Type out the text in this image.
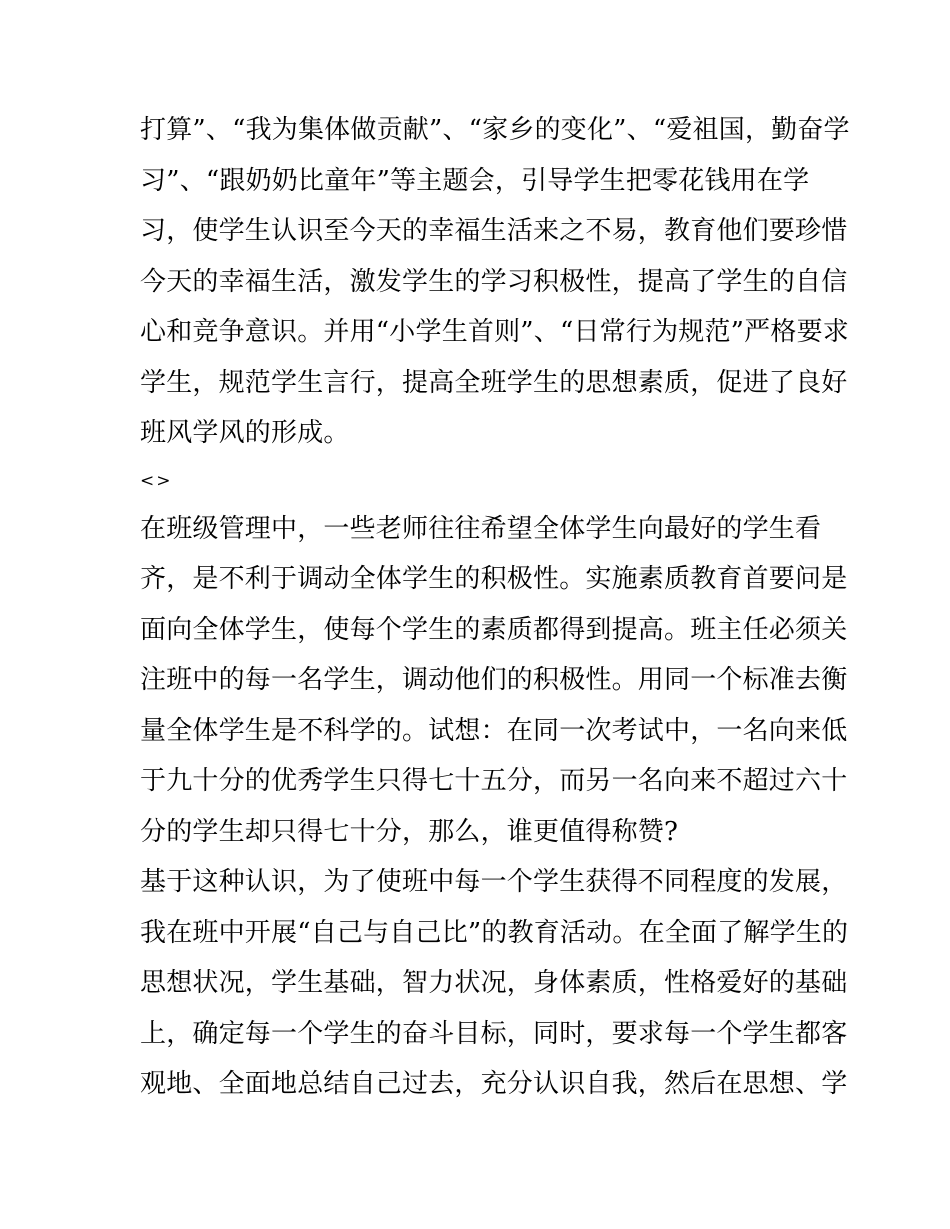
打算”、“我为集体做贡献”、“家乡的变化”、“爱祖国，勤奋学
习”、“跟奶奶比童年”等主题会，引导学生把零花钱用在学
习，使学生认识至今天的幸福生活来之不易，教育他们要珍惜
今天的幸福生活，激发学生的学习积极性，提高了学生的自信
心和竞争意识。并用“小学生首则”、“日常行为规范”严格要求
学生，规范学生言行，提高全班学生的思想素质，促进了良好
班风学风的形成。
<>
在班级管理中，一些老师往往希望全体学生向最好的学生看
齐，是不利于调动全体学生的积极性。实施素质教育首要问是
面向全体学生，使每个学生的素质都得到提高。班主任必须关
注班中的每一名学生，调动他们的积极性。用同一个标准去衡
量全体学生是不科学的。试想：在同一次考试中，一名向来低
于九十分的优秀学生只得七十五分，而另一名向来不超过六十
分的学生却只得七十分，那么，谁更值得称赞?
基于这种认识，为了使班中每一个学生获得不同程度的发展，
我在班中开展“自己与自己比”的教育活动。在全面了解学生的
思想状况，学生基础，智力状况，身体素质，性格爱好的基础
上，确定每一个学生的奋斗目标，同时，要求每一个学生都客
观地、全面地总结自己过去，充分认识自我，然后在思想、学
